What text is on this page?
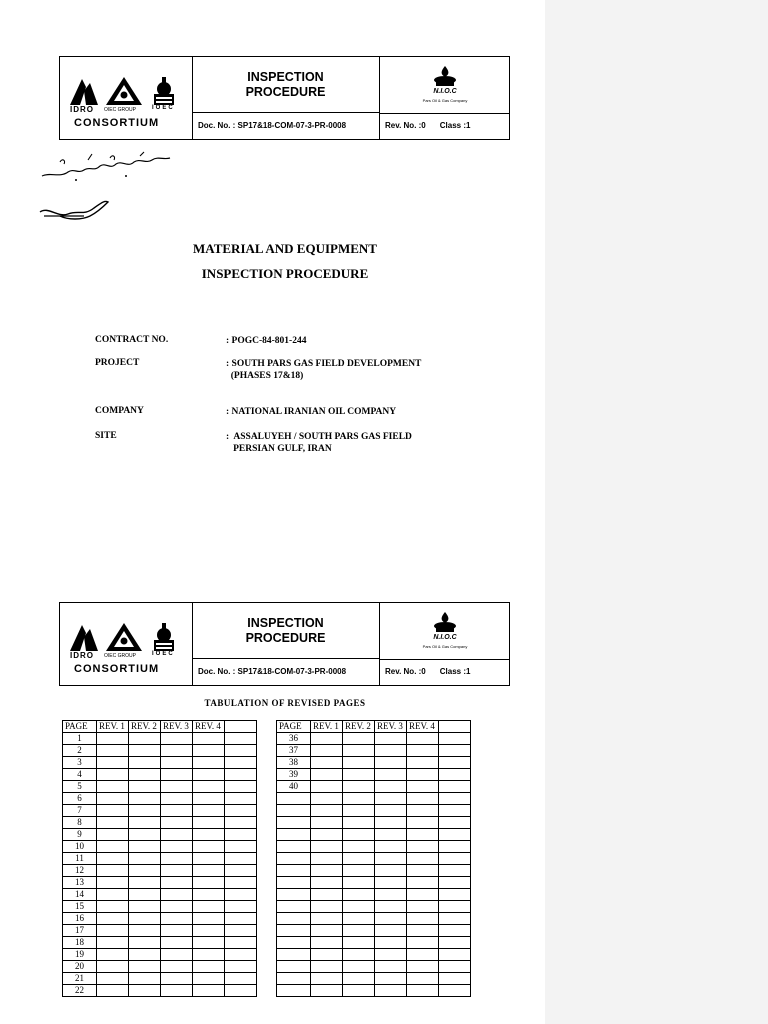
IDRO OIEC GROUP	IOEC
CONSORTIUM
INSPECTION
PROCEDURE	N.I.O.C
Pars Oil & Gas Company
Doc. No. : SP17&18-COM-07-3-PR-0008	Rev. No. :0 Class :1
MATERIAL AND EQUIPMENT
INSPECTION PROCEDURE
CONTRACT NO.	: POGC-84-801-244
PROJECT	: SOUTH PARS GAS FIELD DEVELOPMENT
(PHASES 17&18)
COMPANY	: NATIONAL IRANIAN OIL COMPANY
SITE	:  ASSALUYEH / SOUTH PARS GAS FIELD
PERSIAN GULF, IRAN
IDRO OIEC GROUP	IOEC
CONSORTIUM
INSPECTION
PROCEDURE	N.I.O.C
Pars Oil & Gas Company
Doc. No. : SP17&18-COM-07-3-PR-0008	Rev. No. :0 Class :1
TABULATION OF REVISED PAGES
PAGE	REV. 1	REV. 2	REV. 3	REV. 4	
1					
2					
3					
4					
5					
6					
7					
8					
9					
10					
11					
12					
13					
14					
15					
16					
17					
18					
19					
20					
21					
22					
PAGE	REV. 1	REV. 2	REV. 3	REV. 4	
36					
37					
38					
39					
40					
